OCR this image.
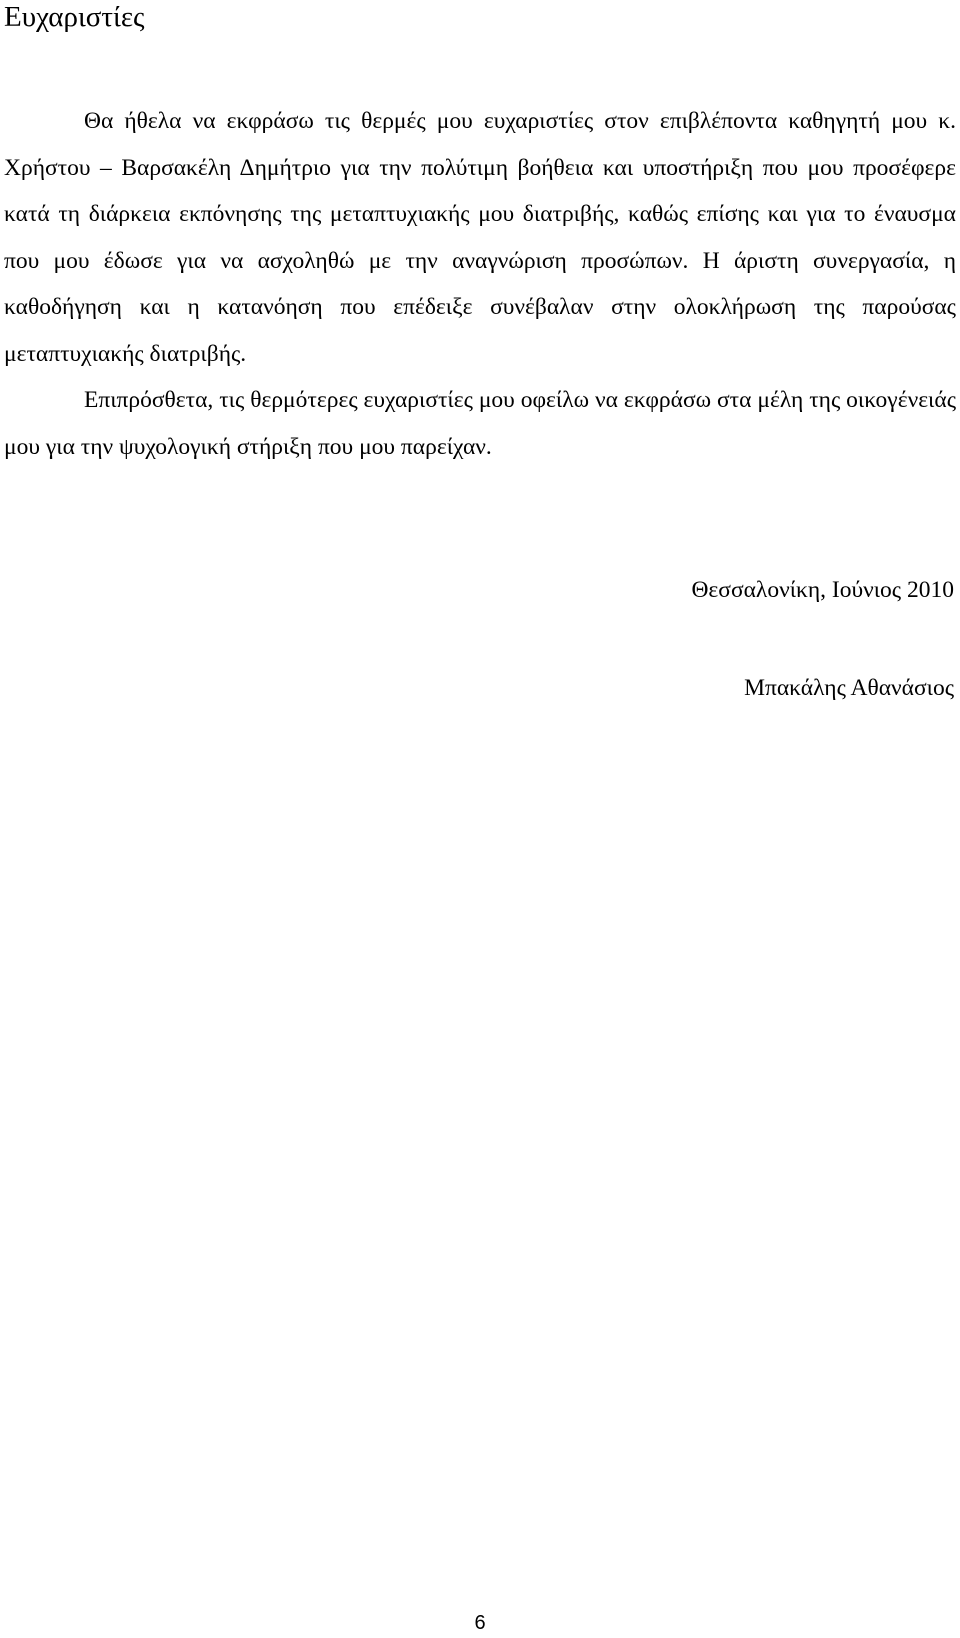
Ευχαριστίες

Θα ήθελα να εκφράσω τις θερμές μου ευχαριστίες στον επιβλέποντα καθηγητή μου κ. Χρήστου – Βαρσακέλη Δημήτριο για την πολύτιμη βοήθεια και υποστήριξη που μου προσέφερε κατά τη διάρκεια εκπόνησης της μεταπτυχιακής μου διατριβής, καθώς επίσης και για το έναυσμα που μου έδωσε για να ασχοληθώ με την αναγνώριση προσώπων. Η άριστη συνεργασία, η καθοδήγηση και η κατανόηση που επέδειξε συνέβαλαν στην ολοκλήρωση της παρούσας μεταπτυχιακής διατριβής.

Επιπρόσθετα, τις θερμότερες ευχαριστίες μου οφείλω να εκφράσω στα μέλη της οικογένειάς μου για την ψυχολογική στήριξη που μου παρείχαν.

Θεσσαλονίκη, Ιούνιος 2010
Μπακάλης Αθανάσιος
6
